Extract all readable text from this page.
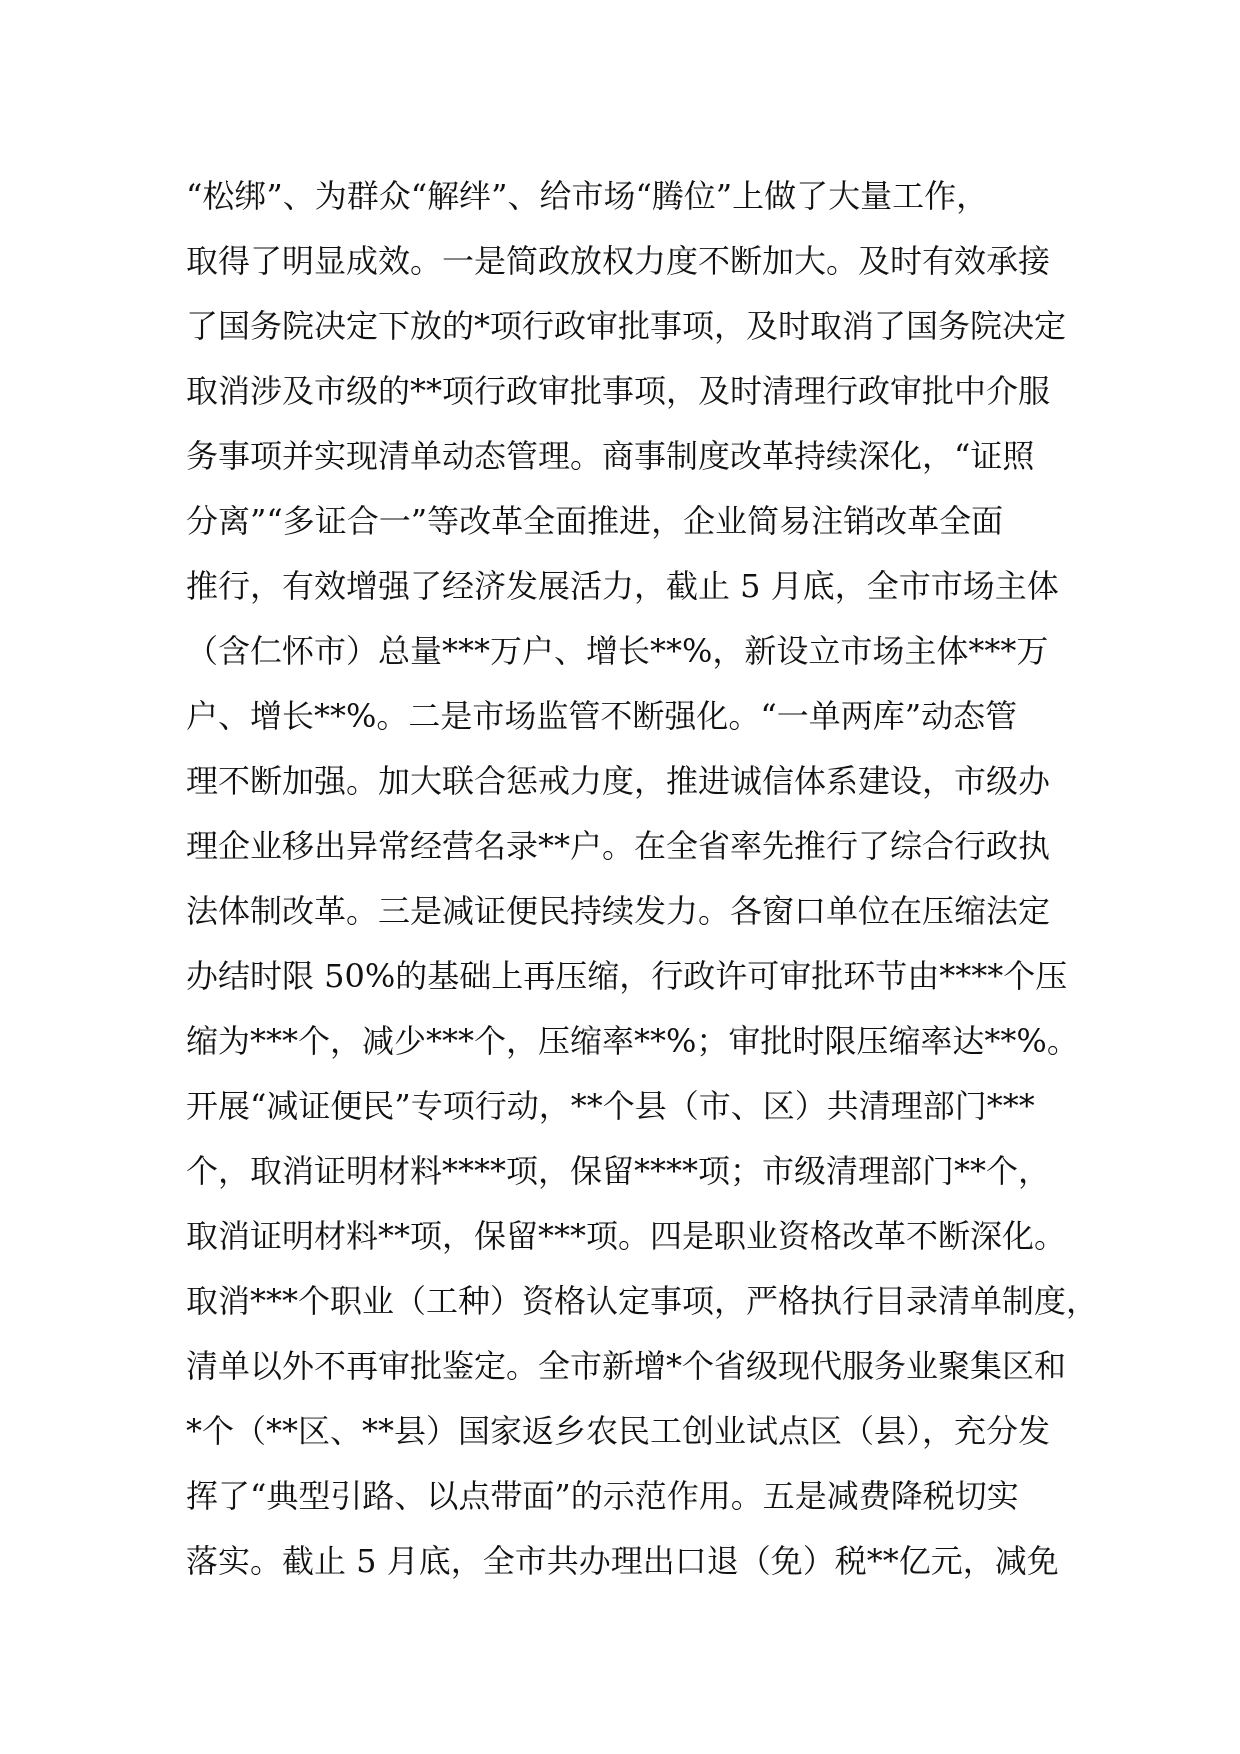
“松绑”、为群众“解绊”、给市场“腾位”上做了大量工作，
取得了明显成效。一是简政放权力度不断加大。及时有效承接
了国务院决定下放的*项行政审批事项，及时取消了国务院决定
取消涉及市级的**项行政审批事项，及时清理行政审批中介服
务事项并实现清单动态管理。商事制度改革持续深化，“证照
分离”“多证合一”等改革全面推进，企业简易注销改革全面
推行，有效增强了经济发展活力，截止 5 月底，全市市场主体
（含仁怀市）总量***万户、增长**%，新设立市场主体***万
户、增长**%。二是市场监管不断强化。“一单两库”动态管
理不断加强。加大联合惩戒力度，推进诚信体系建设，市级办
理企业移出异常经营名录**户。在全省率先推行了综合行政执
法体制改革。三是减证便民持续发力。各窗口单位在压缩法定
办结时限 50%的基础上再压缩，行政许可审批环节由****个压
缩为***个，减少***个，压缩率**%；审批时限压缩率达**%。
开展“减证便民”专项行动，**个县（市、区）共清理部门***
个，取消证明材料****项，保留****项；市级清理部门**个，
取消证明材料**项，保留***项。四是职业资格改革不断深化。
取消***个职业（工种）资格认定事项，严格执行目录清单制度，
清单以外不再审批鉴定。全市新增*个省级现代服务业聚集区和
*个（**区、**县）国家返乡农民工创业试点区（县），充分发
挥了“典型引路、以点带面”的示范作用。五是减费降税切实
落实。截止 5 月底，全市共办理出口退（免）税**亿元，减免
